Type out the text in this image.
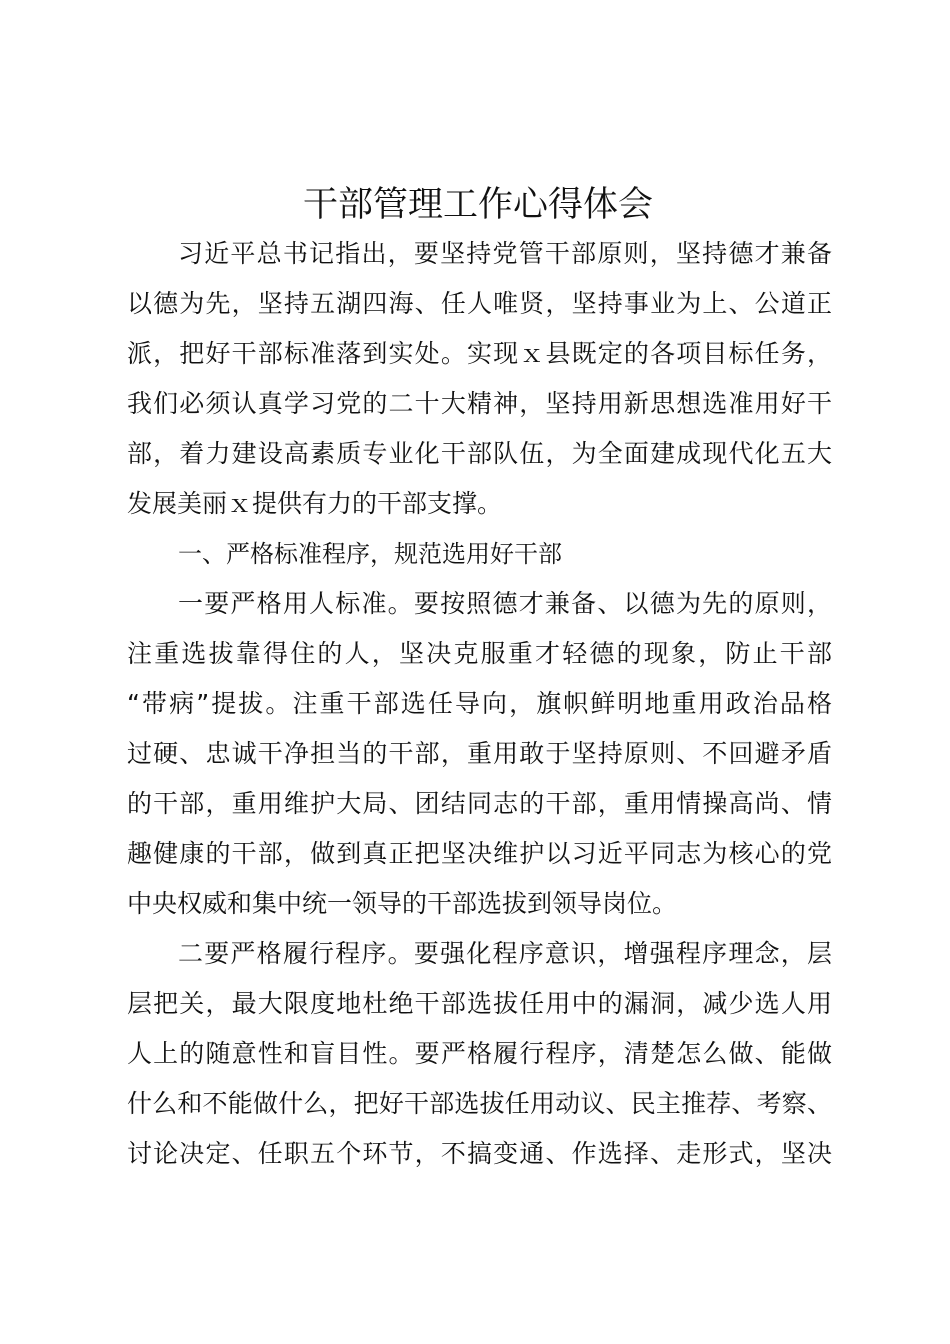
干部管理工作心得体会
习近平总书记指出，要坚持党管干部原则，坚持德才兼备
以德为先，坚持五湖四海、任人唯贤，坚持事业为上、公道正
派，把好干部标准落到实处。实现ｘ县既定的各项目标任务，
我们必须认真学习党的二十大精神，坚持用新思想选准用好干
部，着力建设高素质专业化干部队伍，为全面建成现代化五大
发展美丽ｘ提供有力的干部支撑。
一、严格标准程序，规范选用好干部
一要严格用人标准。要按照德才兼备、以德为先的原则，
注重选拔靠得住的人，坚决克服重才轻德的现象，防止干部
“带病”提拔。注重干部选任导向，旗帜鲜明地重用政治品格
过硬、忠诚干净担当的干部，重用敢于坚持原则、不回避矛盾
的干部，重用维护大局、团结同志的干部，重用情操高尚、情
趣健康的干部，做到真正把坚决维护以习近平同志为核心的党
中央权威和集中统一领导的干部选拔到领导岗位。
二要严格履行程序。要强化程序意识，增强程序理念，层
层把关，最大限度地杜绝干部选拔任用中的漏洞，减少选人用
人上的随意性和盲目性。要严格履行程序，清楚怎么做、能做
什么和不能做什么，把好干部选拔任用动议、民主推荐、考察、
讨论决定、任职五个环节，不搞变通、作选择、走形式，坚决
